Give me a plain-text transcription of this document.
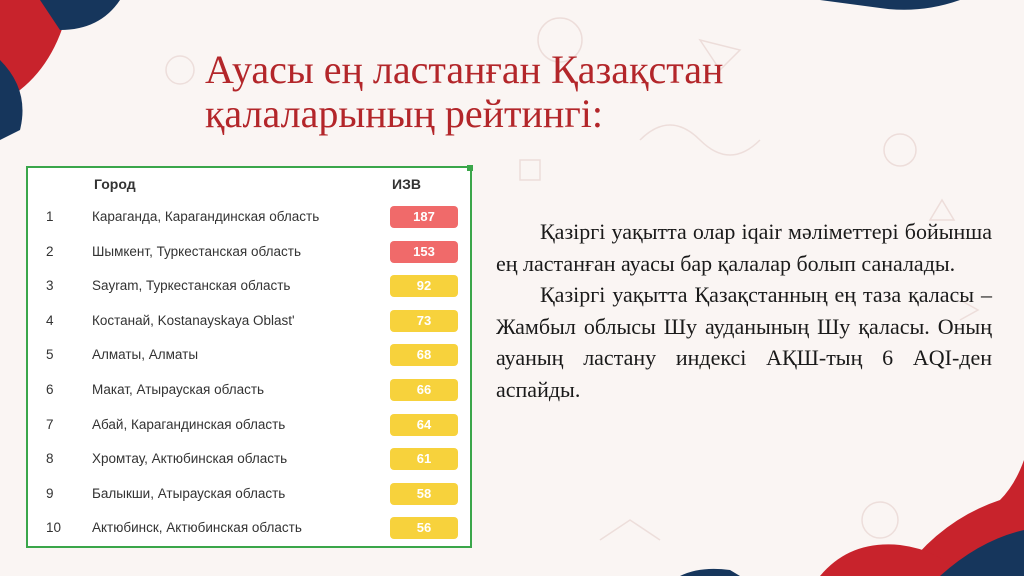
Ауасы ең ластанған Қазақстан
қалаларының рейтингі:
Город	ИЗВ
1	Караганда, Карагандинская область	187
2	Шымкент, Туркестанская область	153
3	Sayram, Туркестанская область	92
4	Костанай, Kostanayskaya Oblast'	73
5	Алматы, Алматы	68
6	Макат, Атырауская область	66
7	Абай, Карагандинская область	64
8	Хромтау, Актюбинская область	61
9	Балыкши, Атырауская область	58
10	Актюбинск, Актюбинская область	56

Қазіргі уақытта олар iqair мәліметтері бойынша ең ластанған ауасы бар қалалар болып саналады.

Қазіргі уақытта Қазақстанның ең таза қаласы – Жамбыл облысы Шу ауданының Шу қаласы. Оның ауаның ластану индексі АҚШ-тың 6 AQI-ден аспайды.
